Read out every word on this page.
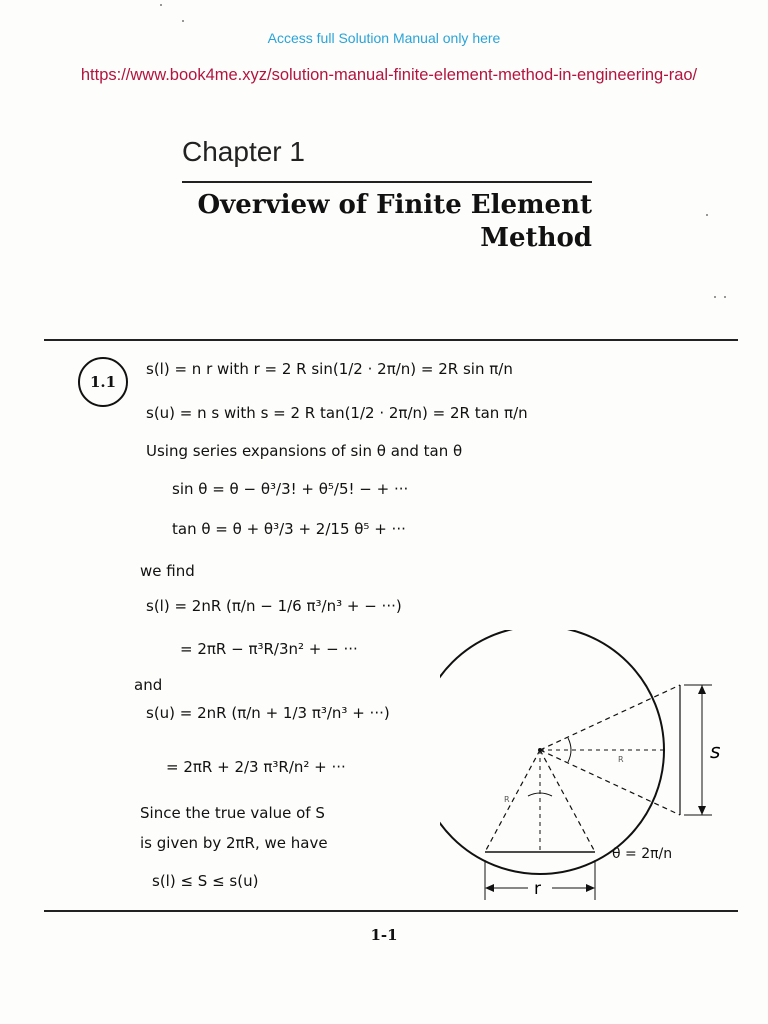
Access full Solution Manual only here
https://www.book4me.xyz/solution-manual-finite-element-method-in-engineering-rao/
Chapter 1
Overview of Finite Element
Method
1.1
s(l) = n r with r = 2 R sin(1/2 · 2π/n) = 2R sin π/n
s(u) = n s with s = 2 R tan(1/2 · 2π/n) = 2R tan π/n
Using series expansions of sin θ and tan θ
sin θ = θ − θ³/3! + θ⁵/5! − + ···
tan θ = θ + θ³/3 + 2/15 θ⁵ + ···
we find
s(l) = 2nR (π/n − 1/6 π³/n³ + − ···)
= 2πR − π³R/3n² + − ···
and
s(u) = 2nR (π/n + 1/3 π³/n³ + ···)
= 2πR + 2/3 π³R/n² + ···
Since the true value of S
is given by 2πR, we have
s(l) ≤ S ≤ s(u)
s
r
R
R
θ = 2π/n
1-1
